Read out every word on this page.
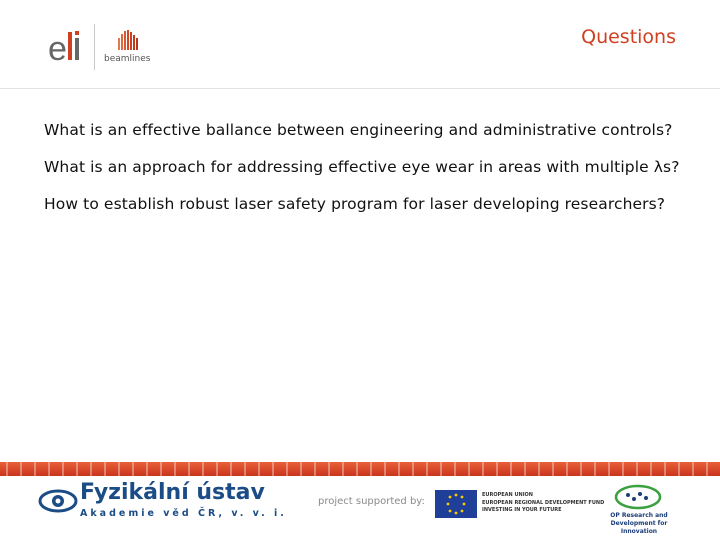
e	beamlines
Questions

What is an effective ballance between engineering and administrative controls?

What is an approach for addressing effective eye wear in areas with multiple λs?

How to establish robust laser safety program for laser developing researchers?

Fyzikální ústav
Akademie věd ČR, v. v. i.
project supported by:
EUROPEAN UNION
EUROPEAN REGIONAL DEVELOPMENT FUND
INVESTING IN YOUR FUTURE
OP Research and
Development for Innovation
